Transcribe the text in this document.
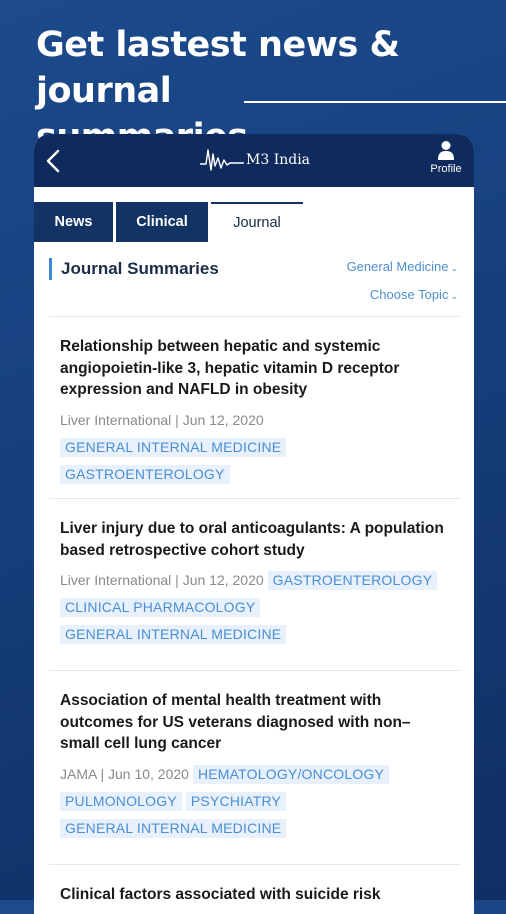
Get lastest news & journal
M3 India
Profile
News	Clinical	Journal
Journal Summaries	General Medicine ⌄
Choose Topic ⌄
Relationship between hepatic and systemic angiopoietin-like 3, hepatic vitamin D receptor expression and NAFLD in obesity
Liver International | Jun 12, 2020
GENERAL INTERNAL MEDICINE
GASTROENTEROLOGY
Liver injury due to oral anticoagulants: A population based retrospective cohort study
Liver International | Jun 12, 2020 GASTROENTEROLOGY
CLINICAL PHARMACOLOGY
GENERAL INTERNAL MEDICINE
Association of mental health treatment with outcomes for US veterans diagnosed with non–small cell lung cancer
JAMA | Jun 10, 2020 HEMATOLOGY/ONCOLOGY
PULMONOLOGY PSYCHIATRY
GENERAL INTERNAL MEDICINE
Clinical factors associated with suicide risk
